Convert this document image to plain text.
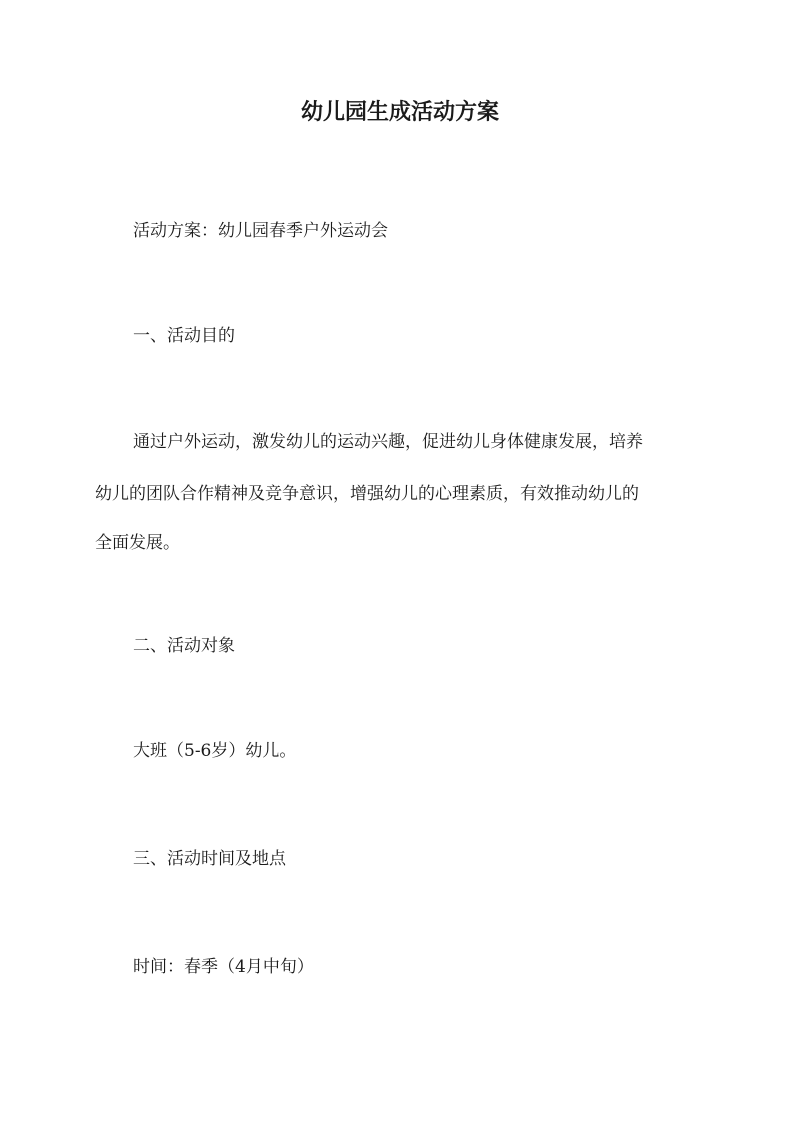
幼儿园生成活动方案

活动方案：幼儿园春季户外运动会

一、活动目的

通过户外运动，激发幼儿的运动兴趣，促进幼儿身体健康发展，培养

幼儿的团队合作精神及竞争意识，增强幼儿的心理素质，有效推动幼儿的

全面发展。

二、活动对象

大班（5-6岁）幼儿。

三、活动时间及地点

时间：春季（4月中旬）
